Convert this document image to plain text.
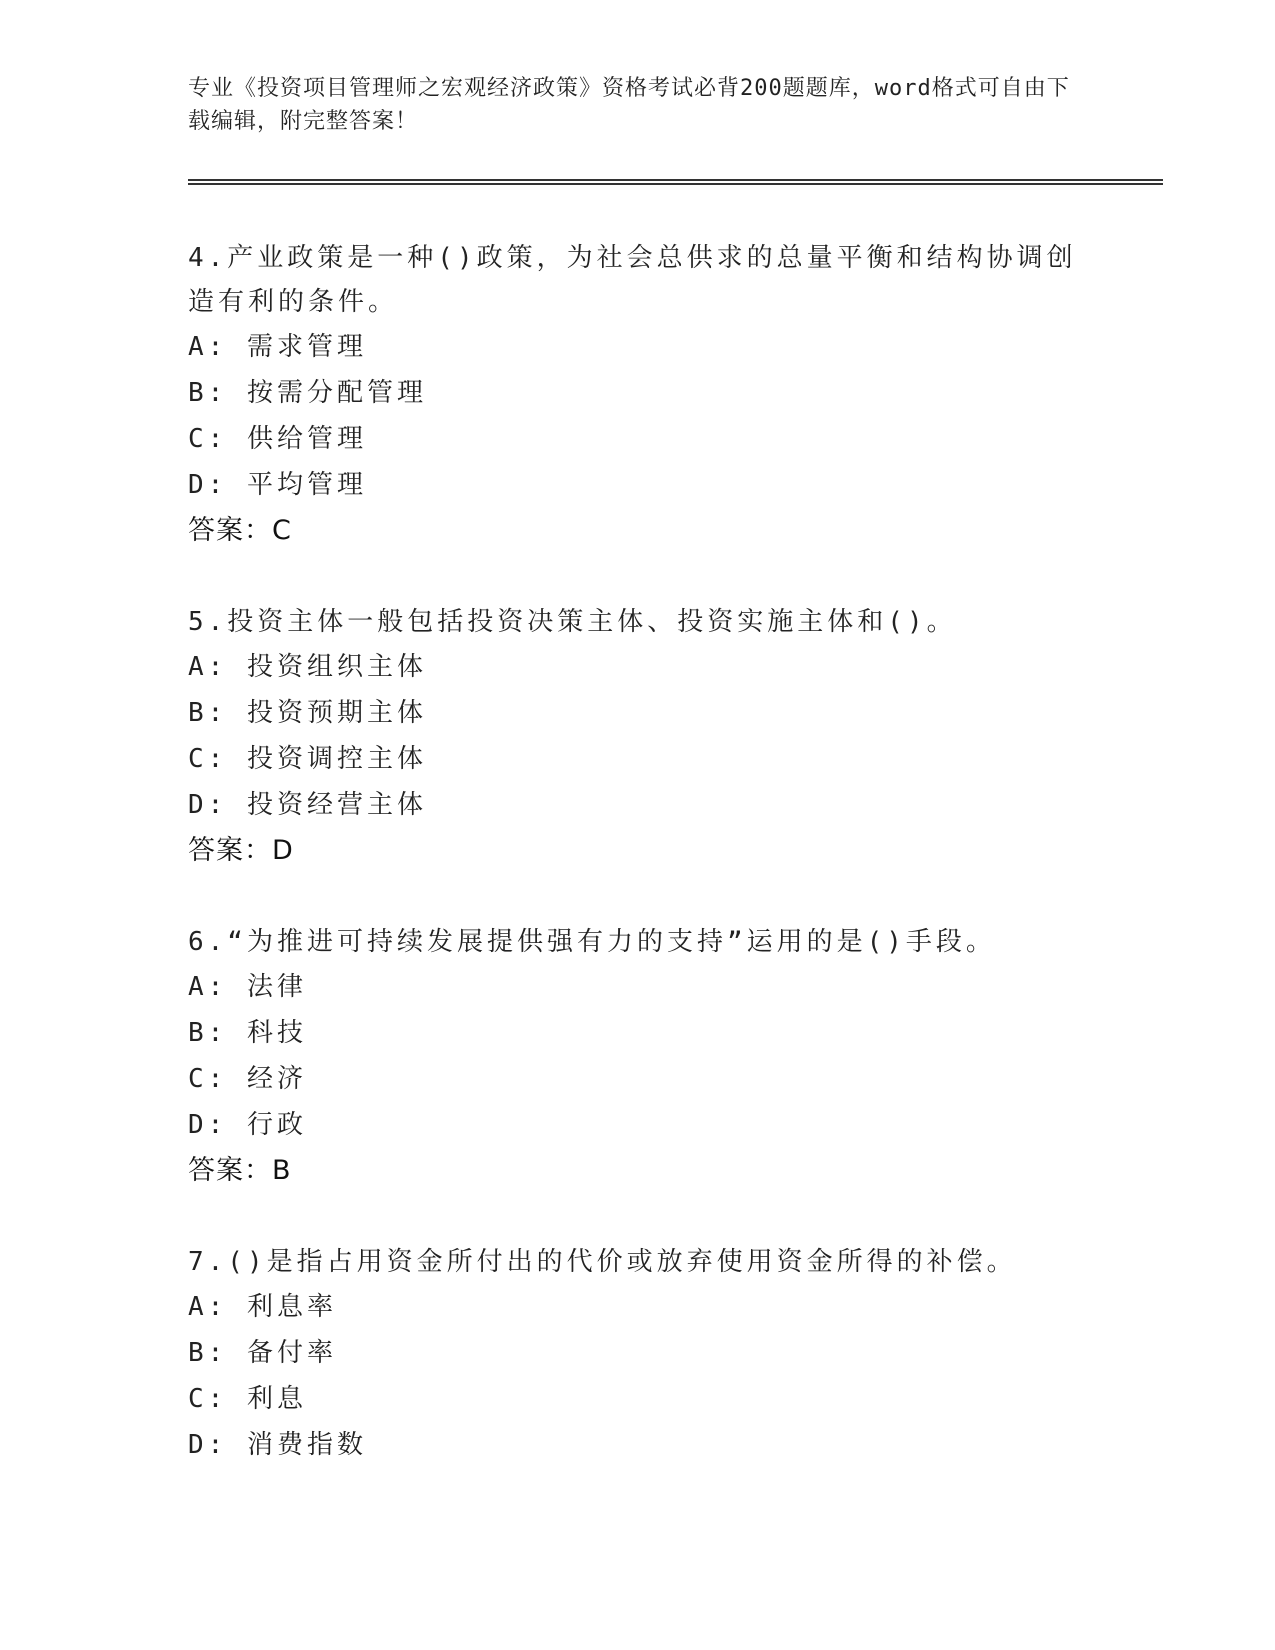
专业《投资项目管理师之宏观经济政策》资格考试必背200题题库，word格式可自由下载编辑，附完整答案！

4.产业政策是一种()政策，为社会总供求的总量平衡和结构协调创造有利的条件。

A: 需求管理
B: 按需分配管理
C: 供给管理
D: 平均管理
答案：C

5.投资主体一般包括投资决策主体、投资实施主体和()。

A: 投资组织主体
B: 投资预期主体
C: 投资调控主体
D: 投资经营主体
答案：D

6.“为推进可持续发展提供强有力的支持”运用的是()手段。

A: 法律
B: 科技
C: 经济
D: 行政
答案：B

7.()是指占用资金所付出的代价或放弃使用资金所得的补偿。

A: 利息率
B: 备付率
C: 利息
D: 消费指数
